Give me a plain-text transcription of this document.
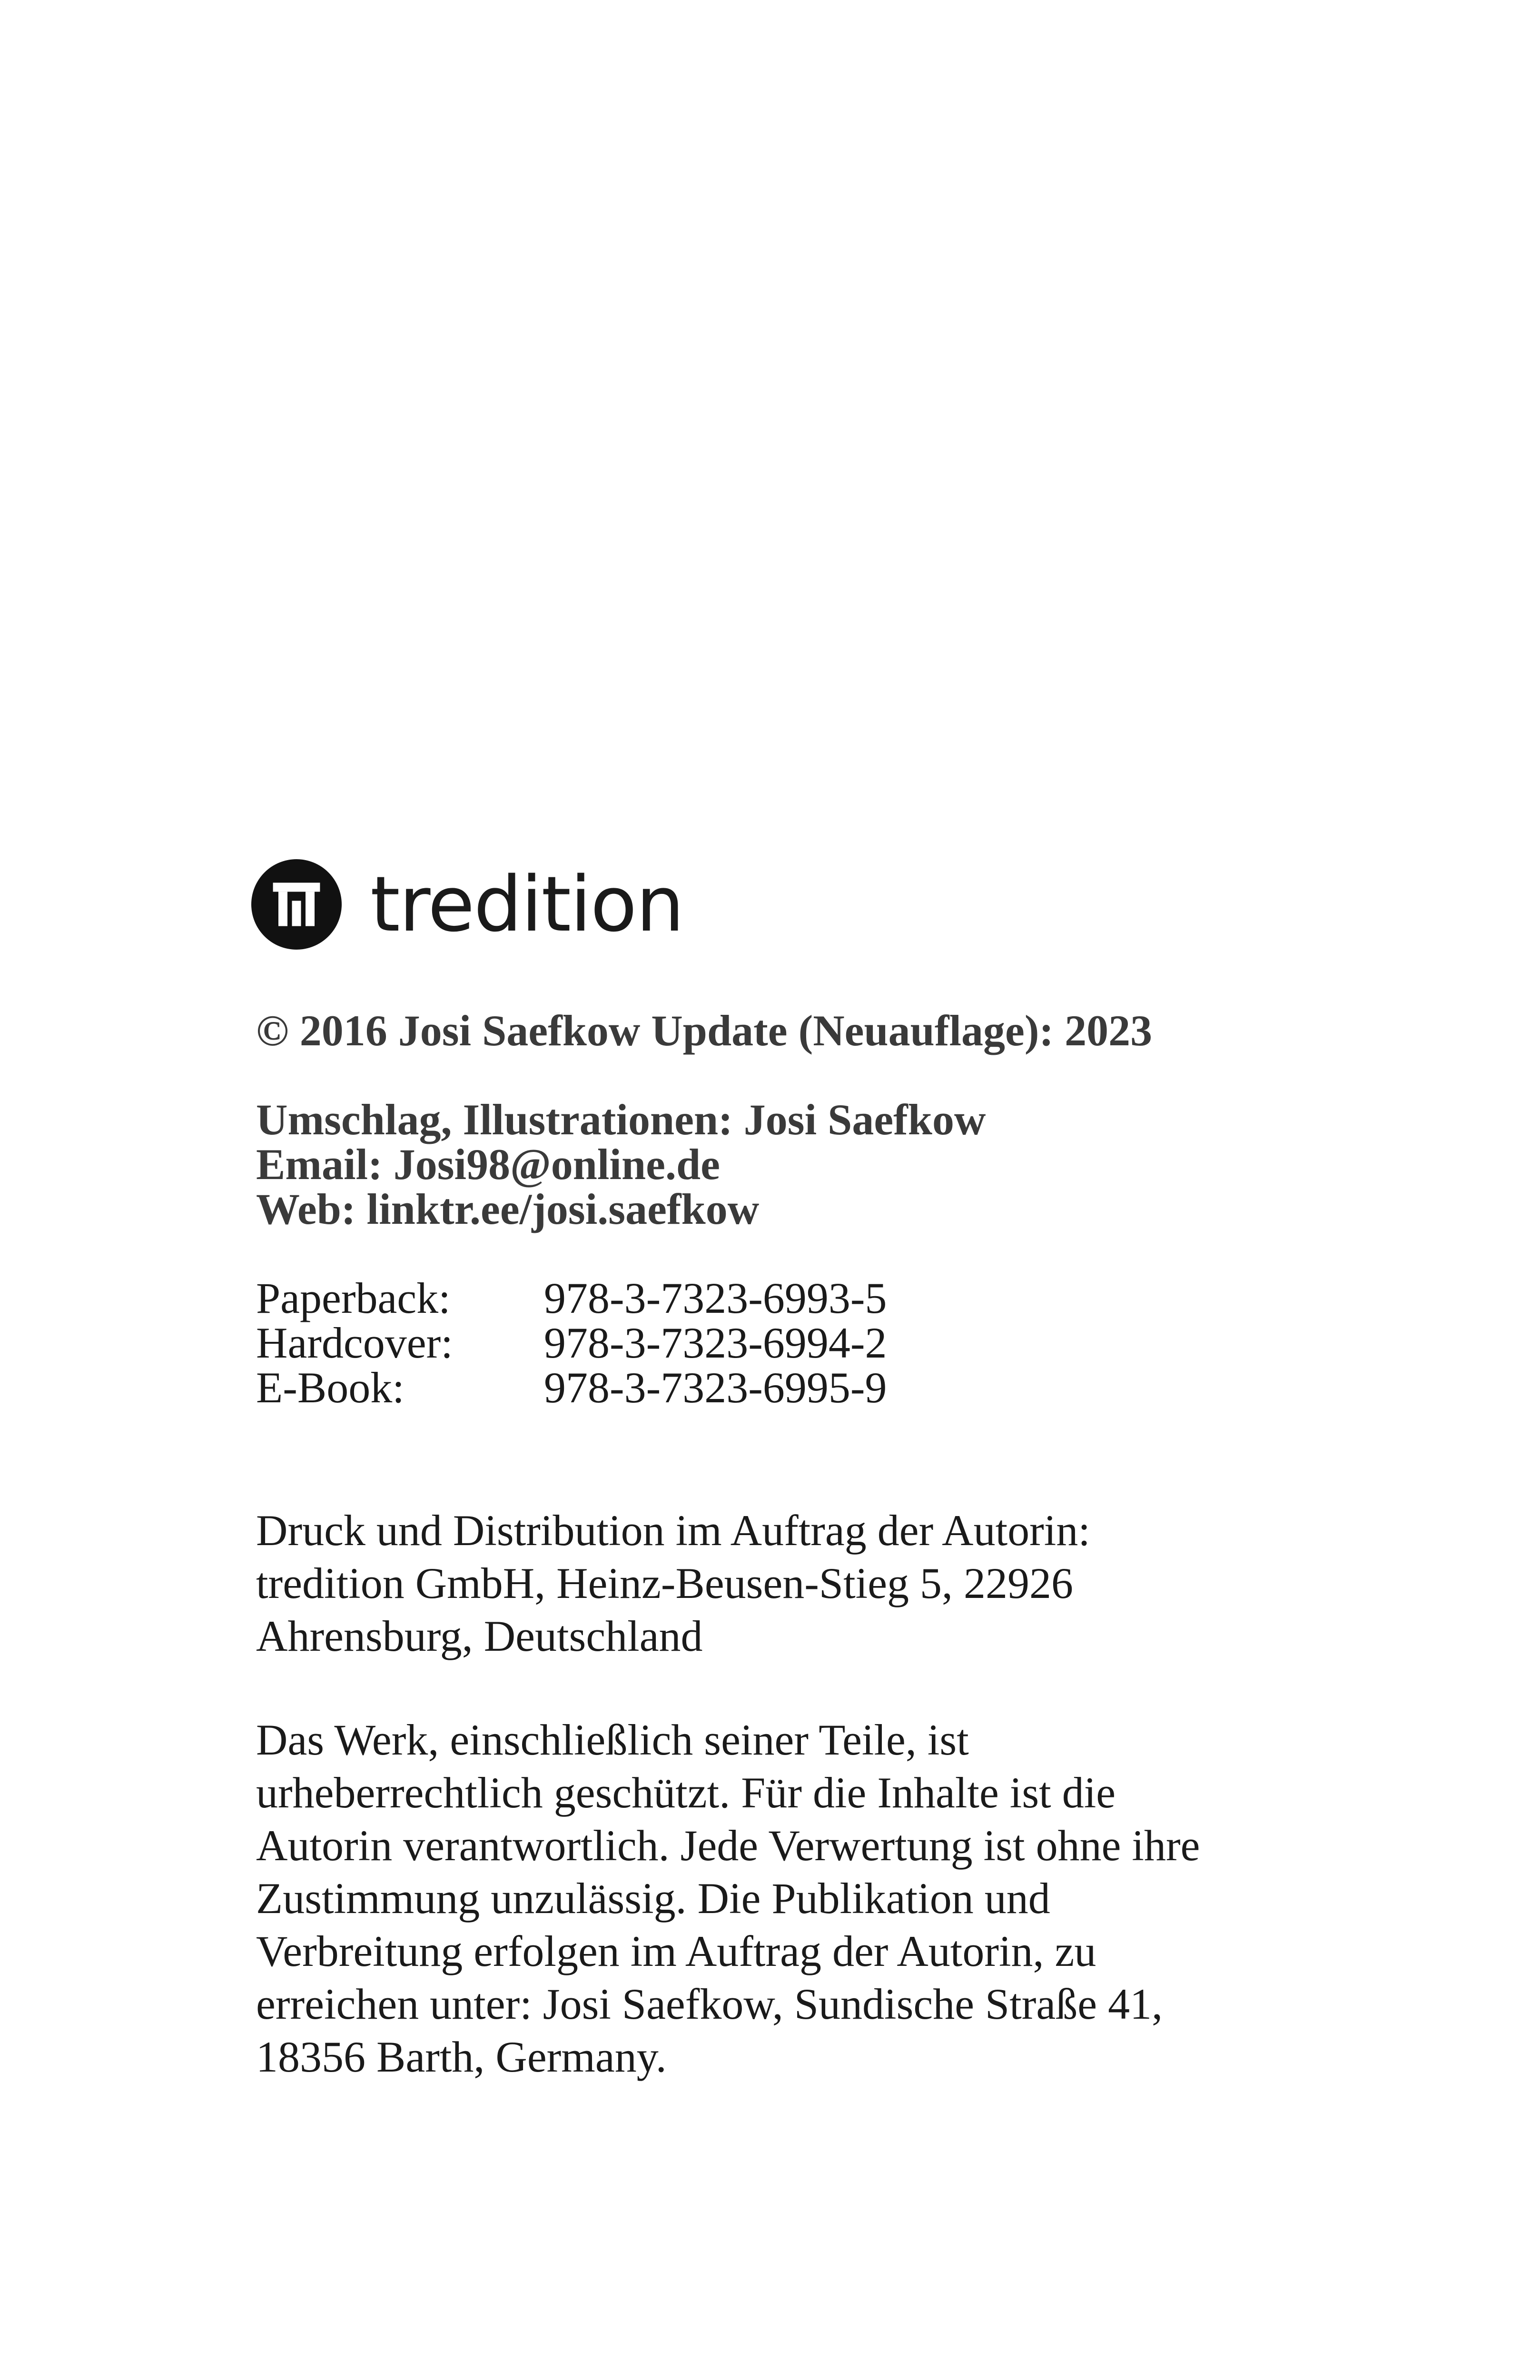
tredition
© 2016 Josi Saefkow Update (Neuauflage): 2023
Umschlag, Illustrationen: Josi Saefkow
Email: Josi98@online.de
Web: linktr.ee/josi.saefkow
Paperback:	978-3-7323-6993-5
Hardcover:	978-3-7323-6994-2
E-Book:	978-3-7323-6995-9
Druck und Distribution im Auftrag der Autorin:
tredition GmbH, Heinz-Beusen-Stieg 5, 22926
Ahrensburg, Deutschland
Das Werk, einschließlich seiner Teile, ist
urheberrechtlich geschützt. Für die Inhalte ist die
Autorin verantwortlich. Jede Verwertung ist ohne ihre
Zustimmung unzulässig. Die Publikation und
Verbreitung erfolgen im Auftrag der Autorin, zu
erreichen unter: Josi Saefkow, Sundische Straße 41,
18356 Barth, Germany.
